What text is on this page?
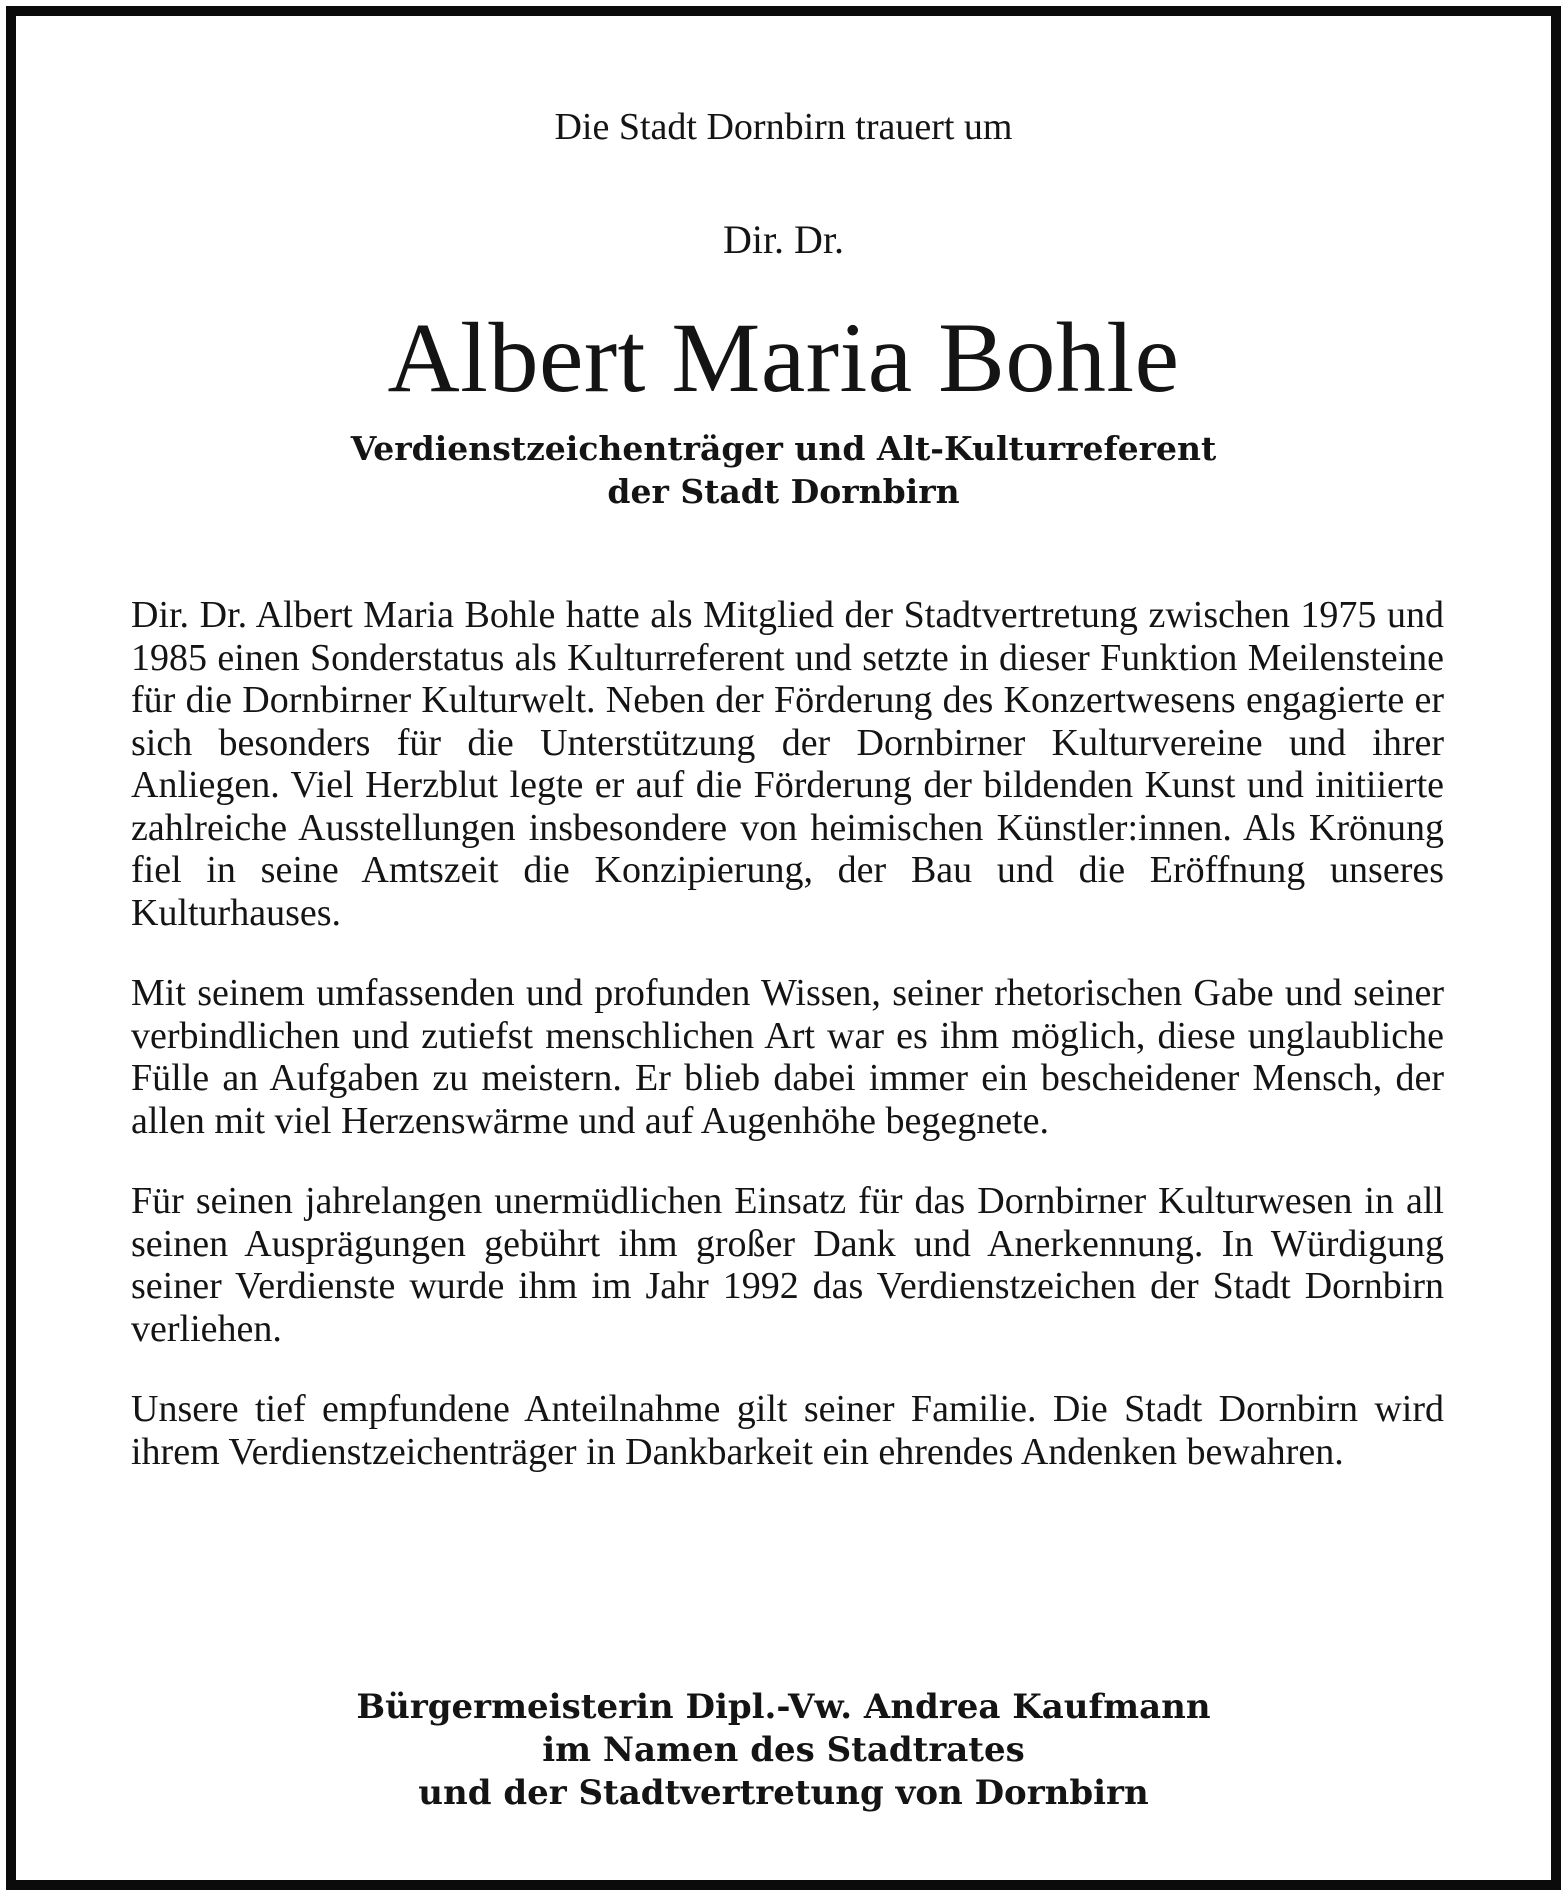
Die Stadt Dornbirn trauert um

Dir. Dr.

Albert Maria Bohle
Verdienstzeichenträger und Alt-Kulturreferent
der Stadt Dornbirn

Dir. Dr. Albert Maria Bohle hatte als Mitglied der Stadtvertretung zwischen 1975 und 1985 einen Sonderstatus als Kulturreferent und setzte in dieser Funktion Meilensteine für die Dornbirner Kulturwelt. Neben der Förderung des Konzertwesens engagierte er sich besonders für die Unterstützung der Dornbirner Kulturvereine und ihrer Anliegen. Viel Herzblut legte er auf die Förderung der bildenden Kunst und initiierte zahlreiche Ausstellungen insbesondere von heimischen Künstler:innen. Als Krönung fiel in seine Amtszeit die Konzipierung, der Bau und die Eröffnung unseres Kulturhauses.

Mit seinem umfassenden und profunden Wissen, seiner rhetorischen Gabe und seiner verbindlichen und zutiefst menschlichen Art war es ihm möglich, diese unglaubliche Fülle an Aufgaben zu meistern. Er blieb dabei immer ein bescheidener Mensch, der allen mit viel Herzenswärme und auf Augenhöhe begegnete.

Für seinen jahrelangen unermüdlichen Einsatz für das Dornbirner Kulturwesen in all seinen Ausprägungen gebührt ihm großer Dank und Anerkennung. In Würdigung seiner Verdienste wurde ihm im Jahr 1992 das Verdienstzeichen der Stadt Dornbirn verliehen.

Unsere tief empfundene Anteilnahme gilt seiner Familie. Die Stadt Dornbirn wird ihrem Verdienstzeichenträger in Dankbarkeit ein ehrendes Andenken bewahren.

Bürgermeisterin Dipl.-Vw. Andrea Kaufmann
im Namen des Stadtrates
und der Stadtvertretung von Dornbirn
